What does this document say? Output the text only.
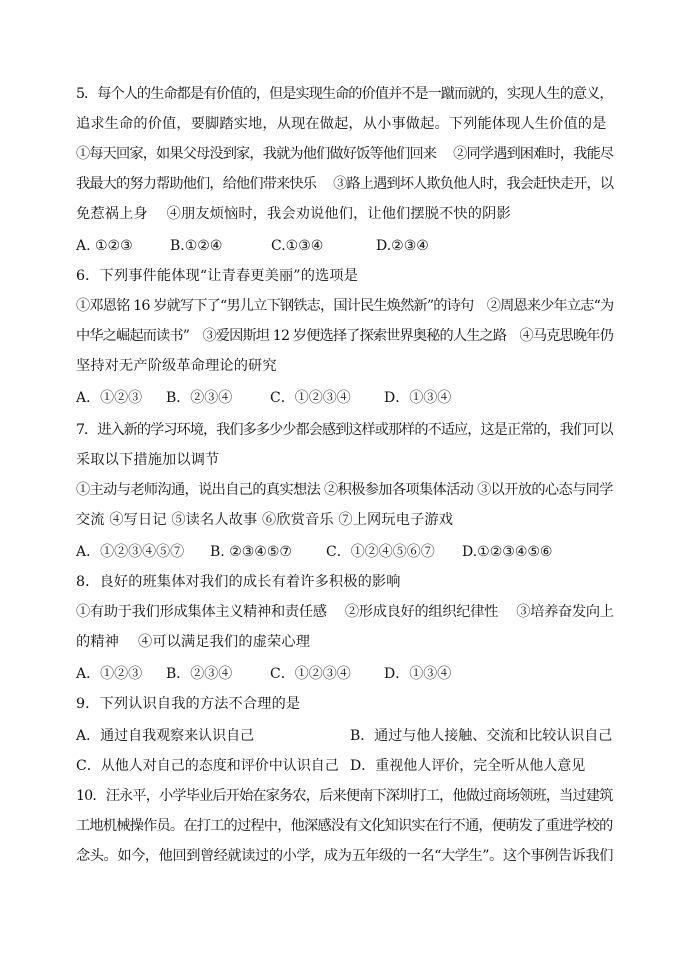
5．每个人的生命都是有价值的，但是实现生命的价值并不是一蹴而就的，实现人生的意义，
追求生命的价值，要脚踏实地，从现在做起，从小事做起。下列能体现人生价值的是
①每天回家，如果父母没到家，我就为他们做好饭等他们回来　 ②同学遇到困难时，我能尽
我最大的努力帮助他们，给他们带来快乐　 ③路上遇到坏人欺负他人时，我会赶快走开，以
免惹祸上身　 ④朋友烦恼时，我会劝说他们，让他们摆脱不快的阴影
A. ①②③	B.①②④	C.①③④	D.②③④
6．下列事件能体现“让青春更美丽”的选项是
①邓恩铭 16 岁就写下了“男儿立下钢铁志，国计民生焕然新”的诗句　②周恩来少年立志“为
中华之崛起而读书”　③爱因斯坦 12 岁便选择了探索世界奥秘的人生之路　④马克思晚年仍
坚持对无产阶级革命理论的研究
A．①②③ B．②③④	C．①②③④ D．①③④
7．进入新的学习环境，我们多多少少都会感到这样或那样的不适应，这是正常的，我们可以
采取以下措施加以调节
①主动与老师沟通，说出自己的真实想法 ②积极参加各项集体活动 ③以开放的心态与同学
交流 ④写日记 ⑤读名人故事 ⑥欣赏音乐 ⑦上网玩电子游戏
A．①②③④⑤⑦ B. ②③④⑤⑦ C．①②④⑤⑥⑦ D.①②③④⑤⑥
8．良好的班集体对我们的成长有着许多积极的影响
①有助于我们形成集体主义精神和责任感　 ②形成良好的组织纪律性　 ③培养奋发向上
的精神　 ④可以满足我们的虚荣心理
A．①②③ B．②③④	C．①②③④ D．①③④
9．下列认识自我的方法不合理的是
A．通过自我观察来认识自己	B．通过与他人接触、交流和比较认识自己
C．从他人对自己的态度和评价中认识自己 D．重视他人评价，完全听从他人意见
10．汪永平，小学毕业后开始在家务农，后来便南下深圳打工，他做过商场领班，当过建筑
工地机械操作员。在打工的过程中，他深感没有文化知识实在行不通，便萌发了重进学校的
念头。如今，他回到曾经就读过的小学，成为五年级的一名“大学生”。这个事例告诉我们
